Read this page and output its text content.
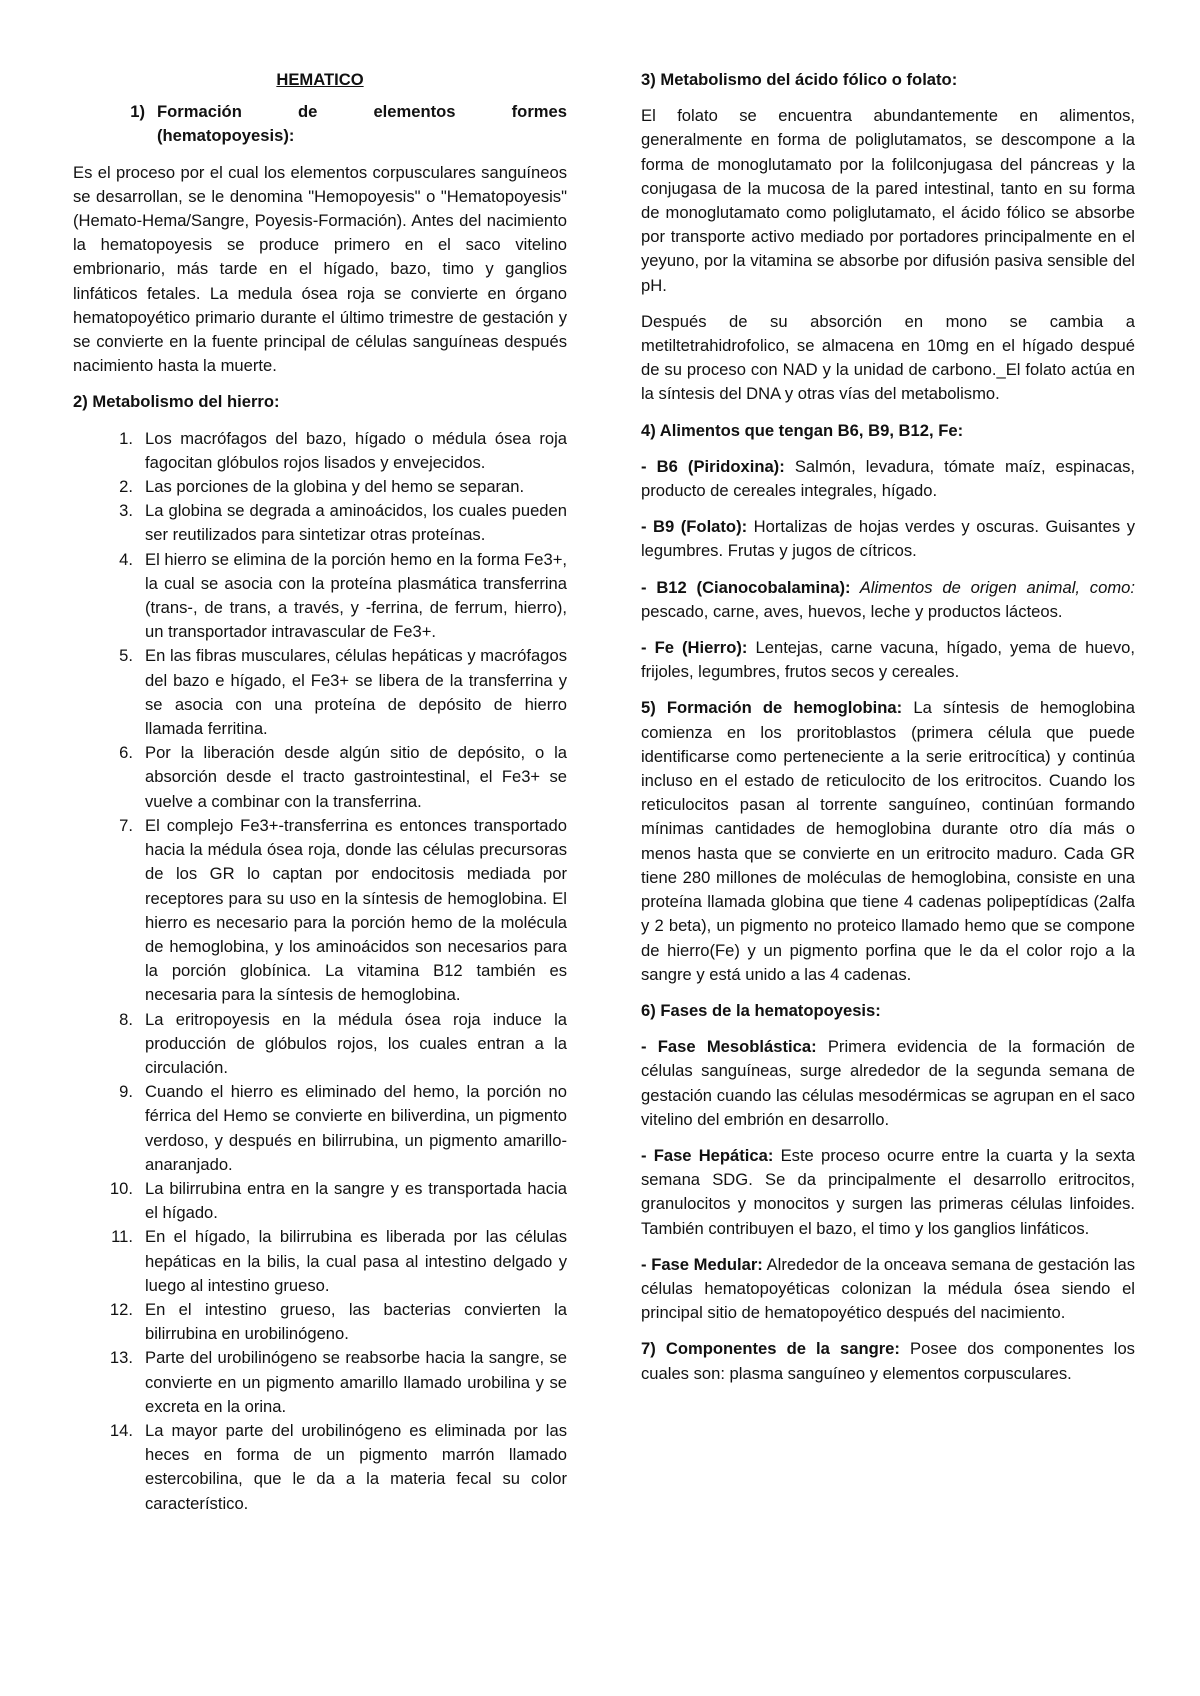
HEMATICO

1) Formación de elementos formes
(hematopoyesis):

Es el proceso por el cual los elementos corpusculares sanguíneos se desarrollan, se le denomina "Hemopoyesis" o "Hematopoyesis" (Hemato-Hema/Sangre, Poyesis-Formación). Antes del nacimiento la hematopoyesis se produce primero en el saco vitelino embrionario, más tarde en el hígado, bazo, timo y ganglios linfáticos fetales. La medula ósea roja se convierte en órgano hematopoyético primario durante el último trimestre de gestación y se convierte en la fuente principal de células sanguíneas después nacimiento hasta la muerte.

2) Metabolismo del hierro:

1. Los macrófagos del bazo, hígado o médula ósea roja fagocitan glóbulos rojos lisados y envejecidos.
2. Las porciones de la globina y del hemo se separan.
3. La globina se degrada a aminoácidos, los cuales pueden ser reutilizados para sintetizar otras proteínas.
4. El hierro se elimina de la porción hemo en la forma Fe3+, la cual se asocia con la proteína plasmática transferrina (trans-, de trans, a través, y -ferrina, de ferrum, hierro), un transportador intravascular de Fe3+.
5. En las fibras musculares, células hepáticas y macrófagos del bazo e hígado, el Fe3+ se libera de la transferrina y se asocia con una proteína de depósito de hierro llamada ferritina.
6. Por la liberación desde algún sitio de depósito, o la absorción desde el tracto gastrointestinal, el Fe3+ se vuelve a combinar con la transferrina.
7. El complejo Fe3+-transferrina es entonces transportado hacia la médula ósea roja, donde las células precursoras de los GR lo captan por endocitosis mediada por receptores para su uso en la síntesis de hemoglobina. El hierro es necesario para la porción hemo de la molécula de hemoglobina, y los aminoácidos son necesarios para la porción globínica. La vitamina B12 también es necesaria para la síntesis de hemoglobina.
8. La eritropoyesis en la médula ósea roja induce la producción de glóbulos rojos, los cuales entran a la circulación.
9. Cuando el hierro es eliminado del hemo, la porción no férrica del Hemo se convierte en biliverdina, un pigmento verdoso, y después en bilirrubina, un pigmento amarillo-anaranjado.
10. La bilirrubina entra en la sangre y es transportada hacia el hígado.
11. En el hígado, la bilirrubina es liberada por las células hepáticas en la bilis, la cual pasa al intestino delgado y luego al intestino grueso.
12. En el intestino grueso, las bacterias convierten la bilirrubina en urobilinógeno.
13. Parte del urobilinógeno se reabsorbe hacia la sangre, se convierte en un pigmento amarillo llamado urobilina y se excreta en la orina.
14. La mayor parte del urobilinógeno es eliminada por las heces en forma de un pigmento marrón llamado estercobilina, que le da a la materia fecal su color característico.

3) Metabolismo del ácido fólico o folato:

El folato se encuentra abundantemente en alimentos, generalmente en forma de poliglutamatos, se descompone a la forma de monoglutamato por la folilconjugasa del páncreas y la conjugasa de la mucosa de la pared intestinal, tanto en su forma de monoglutamato como poliglutamato, el ácido fólico se absorbe por transporte activo mediado por portadores principalmente en el yeyuno, por la vitamina se absorbe por difusión pasiva sensible del pH.

Después de su absorción en mono se cambia a metiltetrahidrofolico, se almacena en 10mg en el hígado despué de su proceso con NAD y la unidad de carbono._El folato actúa en la síntesis del DNA y otras vías del metabolismo.

4) Alimentos que tengan B6, B9, B12, Fe:

- B6 (Piridoxina): Salmón, levadura, tómate maíz, espinacas, producto de cereales integrales, hígado.

- B9 (Folato): Hortalizas de hojas verdes y oscuras. Guisantes y legumbres. Frutas y jugos de cítricos.

- B12 (Cianocobalamina): Alimentos de origen animal, como: pescado, carne, aves, huevos, leche y productos lácteos.

- Fe (Hierro): Lentejas, carne vacuna, hígado, yema de huevo, frijoles, legumbres, frutos secos y cereales.

5) Formación de hemoglobina: La síntesis de hemoglobina comienza en los proritoblastos (primera célula que puede identificarse como perteneciente a la serie eritrocítica) y continúa incluso en el estado de reticulocito de los eritrocitos. Cuando los reticulocitos pasan al torrente sanguíneo, continúan formando mínimas cantidades de hemoglobina durante otro día más o menos hasta que se convierte en un eritrocito maduro. Cada GR tiene 280 millones de moléculas de hemoglobina, consiste en una proteína llamada globina que tiene 4 cadenas polipeptídicas (2alfa y 2 beta), un pigmento no proteico llamado hemo que se compone de hierro(Fe) y un pigmento porfina que le da el color rojo a la sangre y está unido a las 4 cadenas.

6) Fases de la hematopoyesis:

- Fase Mesoblástica: Primera evidencia de la formación de células sanguíneas, surge alrededor de la segunda semana de gestación cuando las células mesodérmicas se agrupan en el saco vitelino del embrión en desarrollo.

- Fase Hepática: Este proceso ocurre entre la cuarta y la sexta semana SDG. Se da principalmente el desarrollo eritrocitos, granulocitos y monocitos y surgen las primeras células linfoides. También contribuyen el bazo, el timo y los ganglios linfáticos.

- Fase Medular: Alrededor de la onceava semana de gestación las células hematopoyéticas colonizan la médula ósea siendo el principal sitio de hematopoyético después del nacimiento.

7) Componentes de la sangre: Posee dos componentes los cuales son: plasma sanguíneo y elementos corpusculares.
